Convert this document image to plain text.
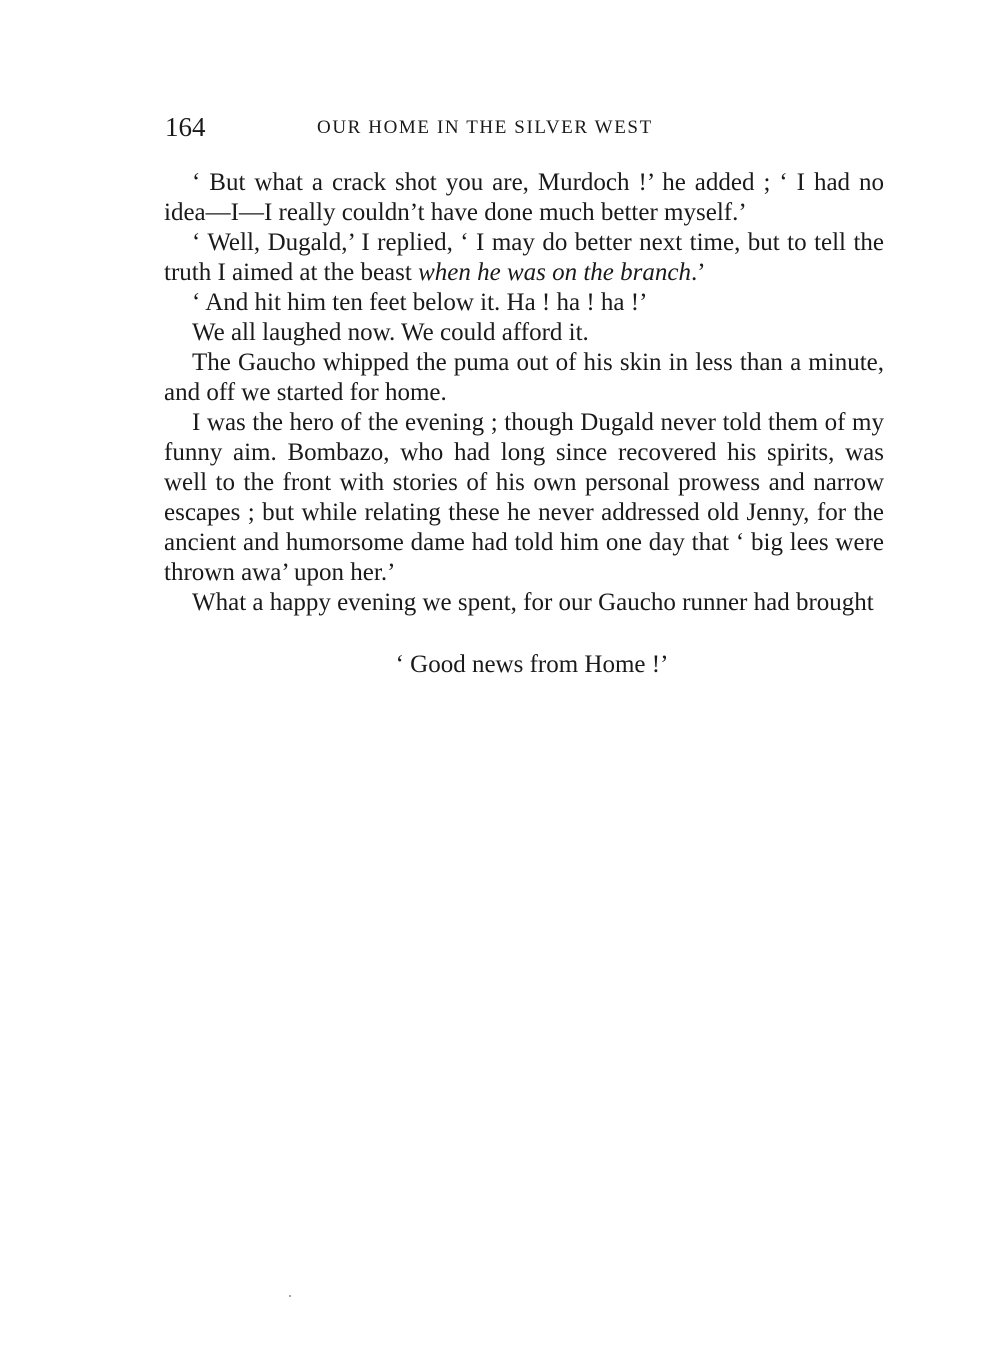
164	OUR HOME IN THE SILVER WEST

‘ But what a crack shot you are, Murdoch !’ he added ; ‘ I had no idea—I—I really couldn’t have done much better myself.’

‘ Well, Dugald,’ I replied, ‘ I may do better next time, but to tell the truth I aimed at the beast when he was on the branch.’

‘ And hit him ten feet below it. Ha ! ha ! ha !’

We all laughed now. We could afford it.

The Gaucho whipped the puma out of his skin in less than a minute, and off we started for home.

I was the hero of the evening ; though Dugald never told them of my funny aim. Bombazo, who had long since recovered his spirits, was well to the front with stories of his own personal prowess and narrow escapes ; but while relating these he never addressed old Jenny, for the ancient and humorsome dame had told him one day that ‘ big lees were thrown awa’ upon her.’

What a happy evening we spent, for our Gaucho runner had brought

‘ Good news from Home !’
